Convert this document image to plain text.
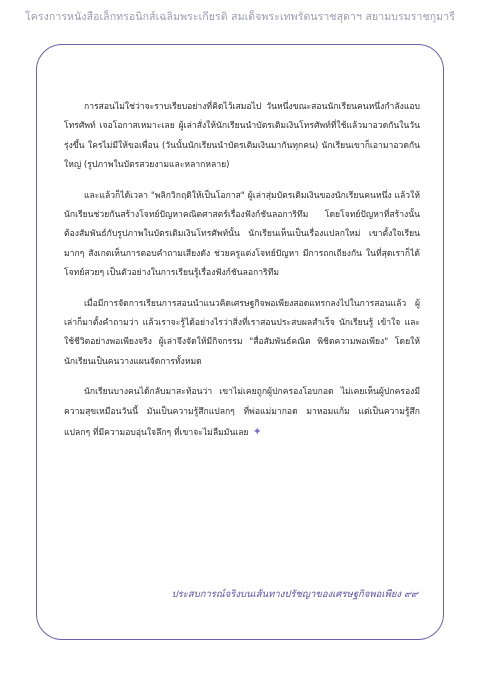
โครงการหนังสือเล็กทรอนิกส์เฉลิมพระเกียรติ สมเด็จพระเทพรัตนราชสุดาฯ สยามบรมราชกุมารี

การสอนไม่ใช่ว่าจะราบเรียบอย่างที่คิดไว้เสมอไป วันหนึ่งขณะสอนนักเรียนคนหนึ่งกำลังแอบโทรศัพท์ เจอโอกาสเหมาะเลย ผู้เล่าสั่งให้นักเรียนนำบัตรเติมเงินโทรศัพท์ที่ใช้แล้วมาอวดกันในวันรุ่งขึ้น ใครไม่มีให้ขอเพื่อน (วันนั้นนักเรียนนำบัตรเติมเงินมากันทุกคน) นักเรียนเขาก็เอามาอวดกันใหญ่ (รูปภาพในบัตรสวยงามและหลากหลาย)

และแล้วก็ได้เวลา "พลิกวิกฤติให้เป็นโอกาส" ผู้เล่าสุ่มบัตรเติมเงินของนักเรียนคนหนึ่ง แล้วให้นักเรียนช่วยกันสร้างโจทย์ปัญหาคณิตศาสตร์เรื่องฟังก์ชันลอการิทึม โดยโจทย์ปัญหาที่สร้างนั้นต้องสัมพันธ์กับรูปภาพในบัตรเติมเงินโทรศัพท์นั้น นักเรียนเห็นเป็นเรื่องแปลกใหม่ เขาตั้งใจเรียนมากๆ สังเกตเห็นการตอบคำถามเสียงดัง ช่วยครูแต่งโจทย์ปัญหา มีการถกเถียงกัน ในที่สุดเราก็ได้โจทย์สวยๆ เป็นตัวอย่างในการเรียนรู้เรื่องฟังก์ชันลอการิทึม

เมื่อมีการจัดการเรียนการสอนนำแนวคิดเศรษฐกิจพอเพียงสอดแทรกลงไปในการสอนแล้ว ผู้เล่าก็มาตั้งคำถามว่า แล้วเราจะรู้ได้อย่างไรว่าสิ่งที่เราสอนประสบผลสำเร็จ นักเรียนรู้ เข้าใจ และใช้ชีวิตอย่างพอเพียงจริง ผู้เล่าจึงจัดให้มีกิจกรรม "สื่อสัมพันธ์คณิต พิชิตความพอเพียง" โดยให้นักเรียนเป็นคนวางแผนจัดการทั้งหมด

นักเรียนบางคนได้กลับมาสะท้อนว่า เขาไม่เคยถูกผู้ปกครองโอบกอด ไม่เคยเห็นผู้ปกครองมีความสุขเหมือนวันนี้ มันเป็นความรู้สึกแปลกๆ ที่พ่อแม่มากอด มาหอมแก้ม แต่เป็นความรู้สึกแปลกๆ ที่มีความอบอุ่นใจลึกๆ ที่เขาจะไม่ลืมมันเลย ✦

ประสบการณ์จริงบนเส้นทางปรัชญาของเศรษฐกิจพอเพียง ๙๙
